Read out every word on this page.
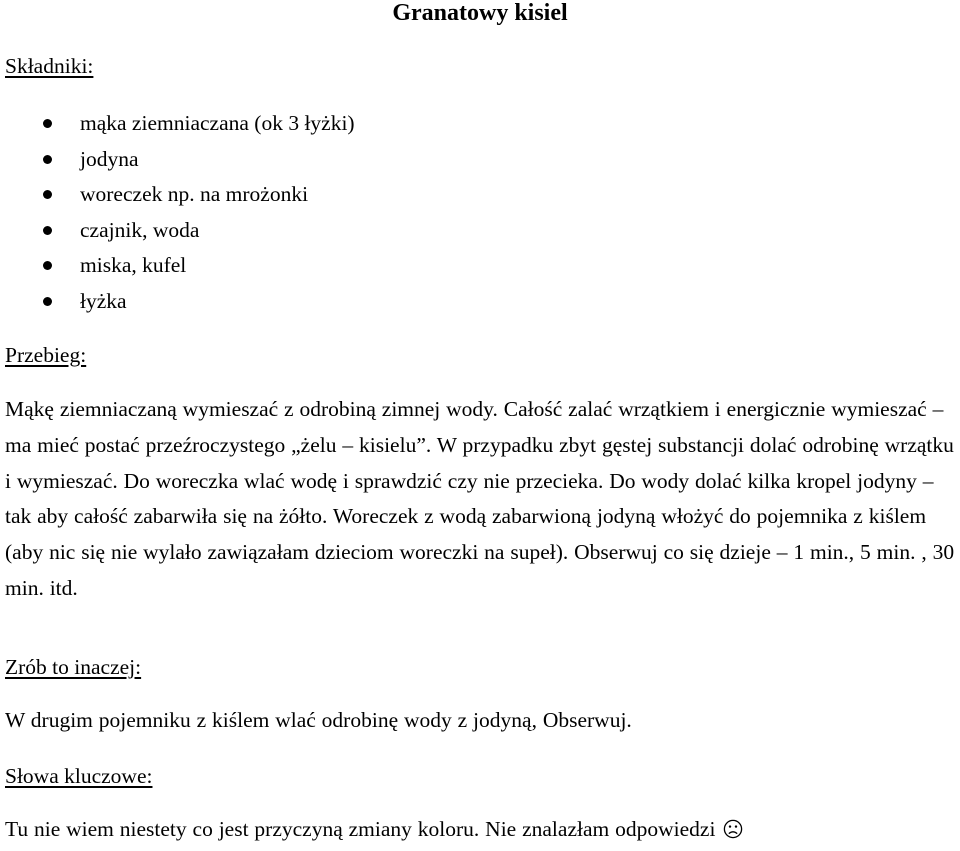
Granatowy kisiel
Składniki:
mąka ziemniaczana (ok 3 łyżki)
jodyna
woreczek np. na mrożonki
czajnik, woda
miska, kufel
łyżka
Przebieg:

Mąkę ziemniaczaną wymieszać z odrobiną zimnej wody. Całość zalać wrzątkiem i energicznie wymieszać – ma mieć postać przeźroczystego „żelu – kisielu”. W przypadku zbyt gęstej substancji dolać odrobinę wrzątku i wymieszać. Do woreczka wlać wodę i sprawdzić czy nie przecieka. Do wody dolać kilka kropel jodyny – tak aby całość zabarwiła się na żółto. Woreczek z wodą zabarwioną jodyną włożyć do pojemnika z kiślem (aby nic się nie wylało zawiązałam dzieciom woreczki na supeł). Obserwuj co się dzieje – 1 min., 5 min. , 30 min. itd.

Zrób to inaczej:

W drugim pojemniku z kiślem wlać odrobinę wody z jodyną, Obserwuj.

Słowa kluczowe:

Tu nie wiem niestety co jest przyczyną zmiany koloru. Nie znalazłam odpowiedzi
